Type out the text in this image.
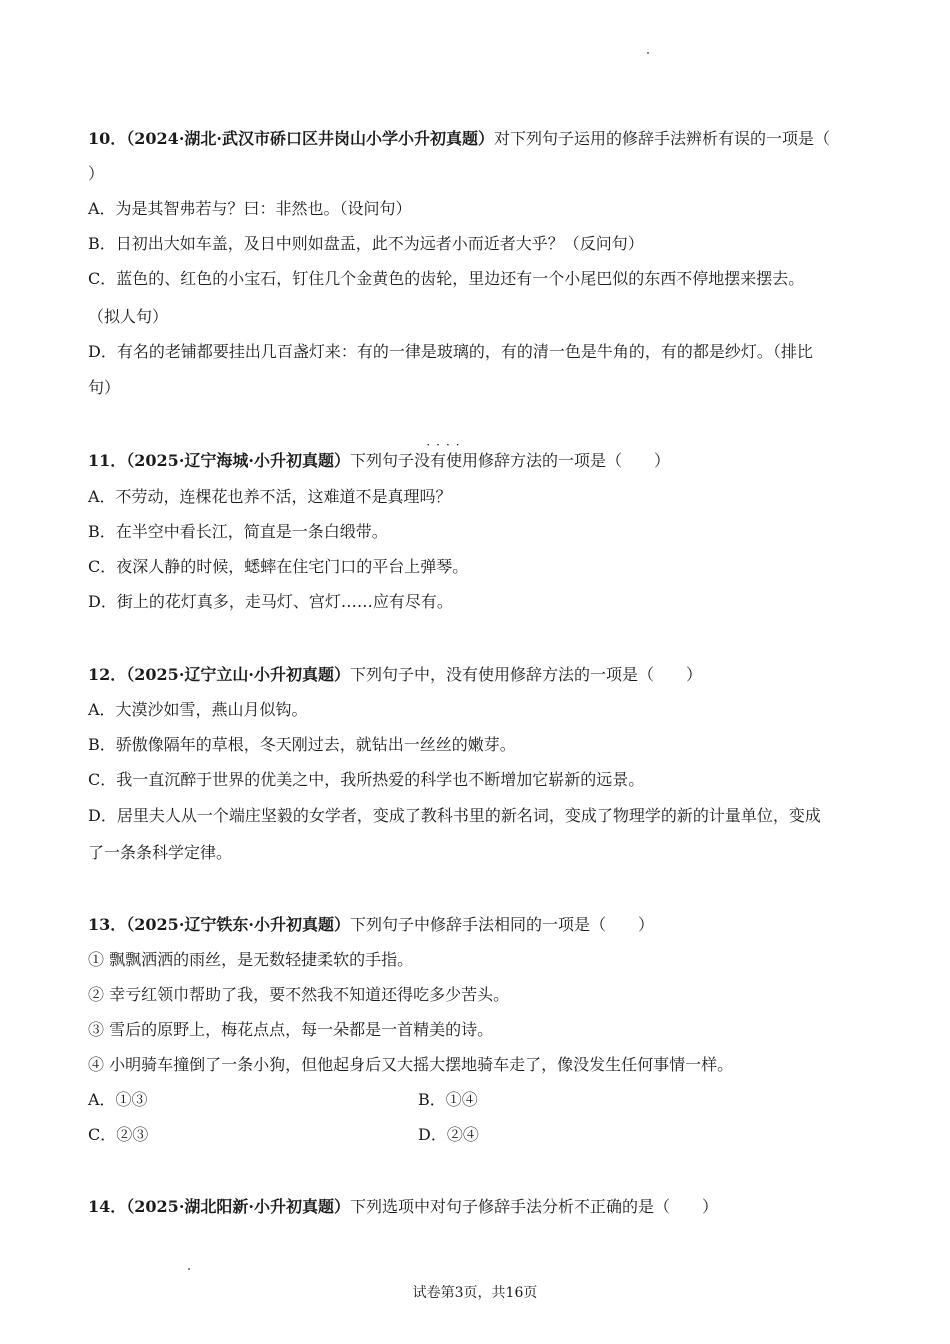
10．（2024·湖北·武汉市硚口区井岗山小学小升初真题）对下列句子运用的修辞手法辨析有误的一项是（
）
A．为是其智弗若与？曰：非然也。（设问句）
B．日初出大如车盖，及日中则如盘盂，此不为远者小而近者大乎？（反问句）
C．蓝色的、红色的小宝石，钉住几个金黄色的齿轮，里边还有一个小尾巴似的东西不停地摆来摆去。
（拟人句）
D．有名的老铺都要挂出几百盏灯来：有的一律是玻璃的，有的清一色是牛角的，有的都是纱灯。（排比
句）
11．（2025·辽宁海城·小升初真题）下列句子
····
没有使用修辞方法的一项是（　　）
A．不劳动，连棵花也养不活，这难道不是真理吗？
B．在半空中看长江，简直是一条白缎带。
C．夜深人静的时候，蟋蟀在住宅门口的平台上弹琴。
D．街上的花灯真多，走马灯、宫灯……应有尽有。
12．（2025·辽宁立山·小升初真题）下列句子中，没有使用修辞方法的一项是（　　）
A．大漠沙如雪，燕山月似钩。
B．骄傲像隔年的草根，冬天刚过去，就钻出一丝丝的嫩芽。
C．我一直沉醉于世界的优美之中，我所热爱的科学也不断增加它崭新的远景。
D．居里夫人从一个端庄坚毅的女学者，变成了教科书里的新名词，变成了物理学的新的计量单位，变成
了一条条科学定律。
13．（2025·辽宁铁东·小升初真题）下列句子中修辞手法相同的一项是（　　）
① 飘飘洒洒的雨丝，是无数轻捷柔软的手指。
② 幸亏红领巾帮助了我，要不然我不知道还得吃多少苦头。
③ 雪后的原野上，梅花点点，每一朵都是一首精美的诗。
④ 小明骑车撞倒了一条小狗，但他起身后又大摇大摆地骑车走了，像没发生任何事情一样。
A．①③	B．①④
C．②③	D．②④
14．（2025·湖北阳新·小升初真题）下列选项中对句子修辞手法分析不正确的是（　　）
试卷第3页，共16页
